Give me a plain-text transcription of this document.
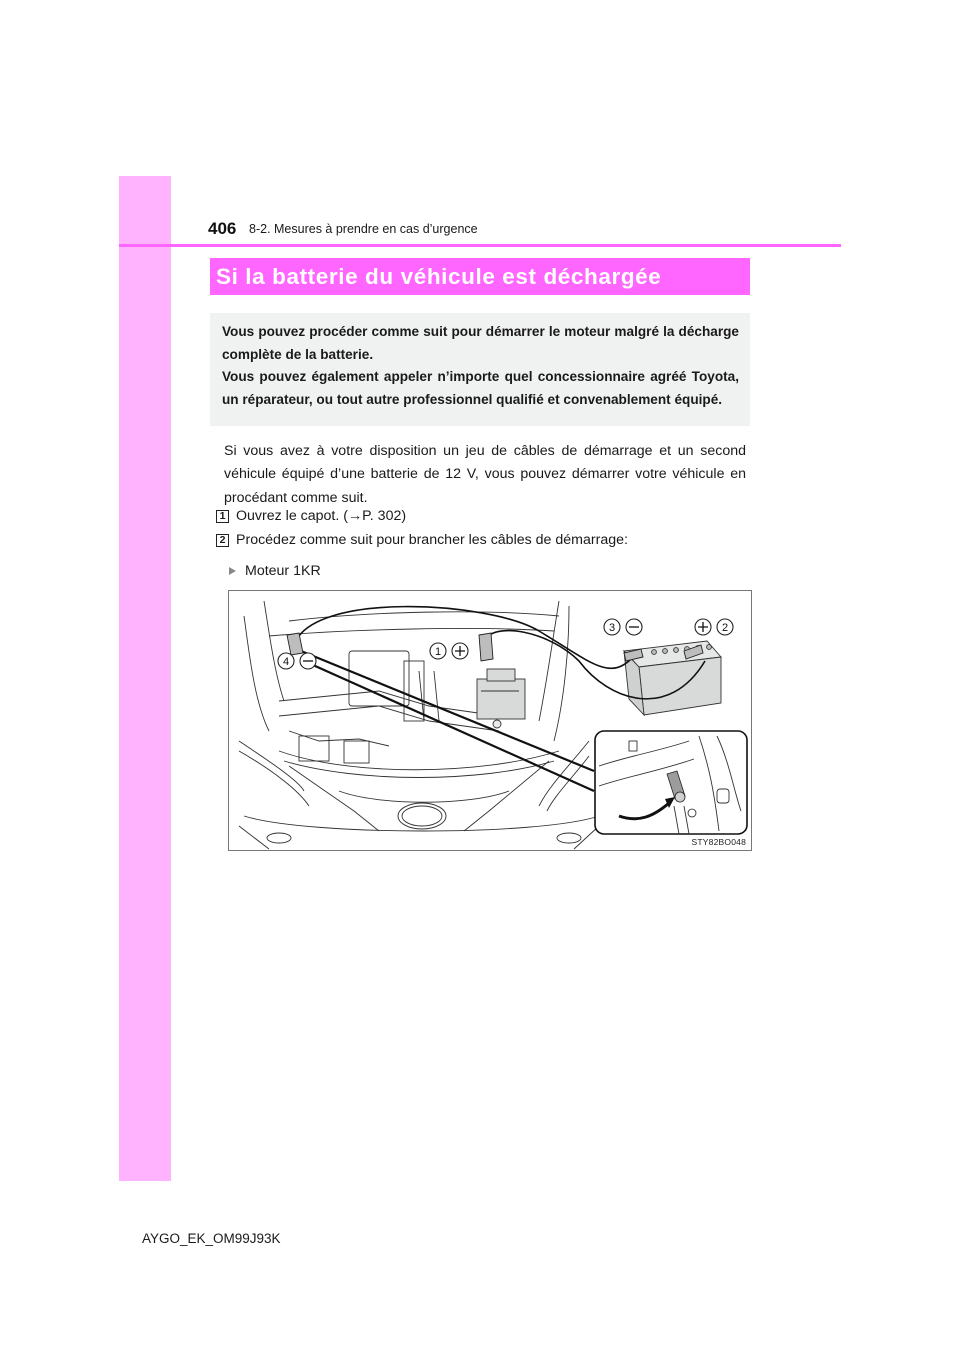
406 8-2. Mesures à prendre en cas d’urgence
Si la batterie du véhicule est déchargée

Vous pouvez procéder comme suit pour démarrer le moteur malgré la décharge complète de la batterie.

Vous pouvez également appeler n’importe quel concessionnaire agréé Toyota, un réparateur, ou tout autre professionnel qualifié et convenablement équipé.

Si vous avez à votre disposition un jeu de câbles de démarrage et un second véhicule équipé d’une batterie de 12 V, vous pouvez démarrer votre véhicule en procédant comme suit.

1 Ouvrez le capot. (→P. 302)
2 Procédez comme suit pour brancher les câbles de démarrage:
Moteur 1KR
4
1
3	2
STY82BO048
AYGO_EK_OM99J93K
